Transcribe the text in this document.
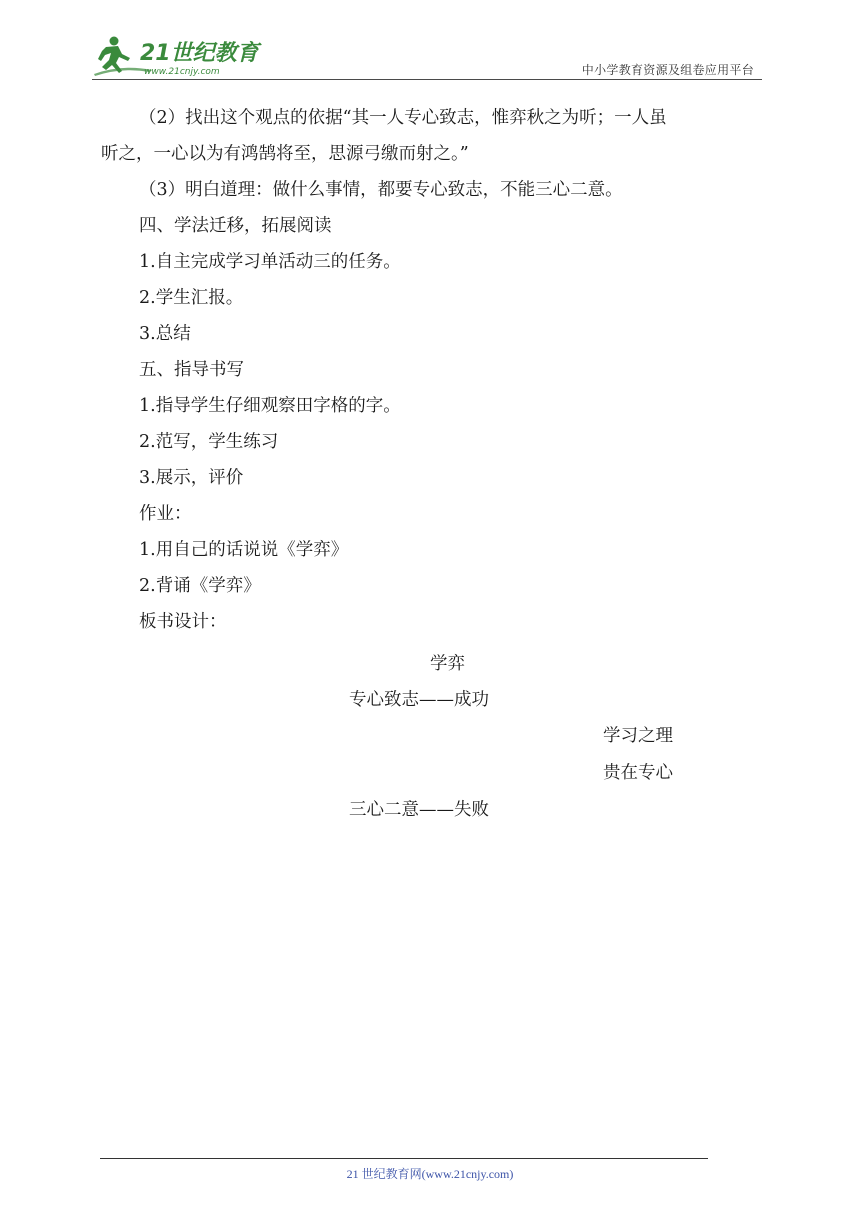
21世纪教育
www.21cnjy.com	中小学教育资源及组卷应用平台

（2）找出这个观点的依据“其一人专心致志，惟弈秋之为听；一人虽

听之，一心以为有鸿鹄将至，思源弓缴而射之。”

（3）明白道理：做什么事情，都要专心致志，不能三心二意。

四、学法迁移，拓展阅读

1.自主完成学习单活动三的任务。

2.学生汇报。

3.总结

五、指导书写

1.指导学生仔细观察田字格的字。

2.范写，学生练习

3.展示，评价

作业：

1.用自己的话说说《学弈》

2.背诵《学弈》

板书设计：

学弈
专心致志——成功
学习之理
贵在专心
三心二意——失败
21 世纪教育网(www.21cnjy.com)
